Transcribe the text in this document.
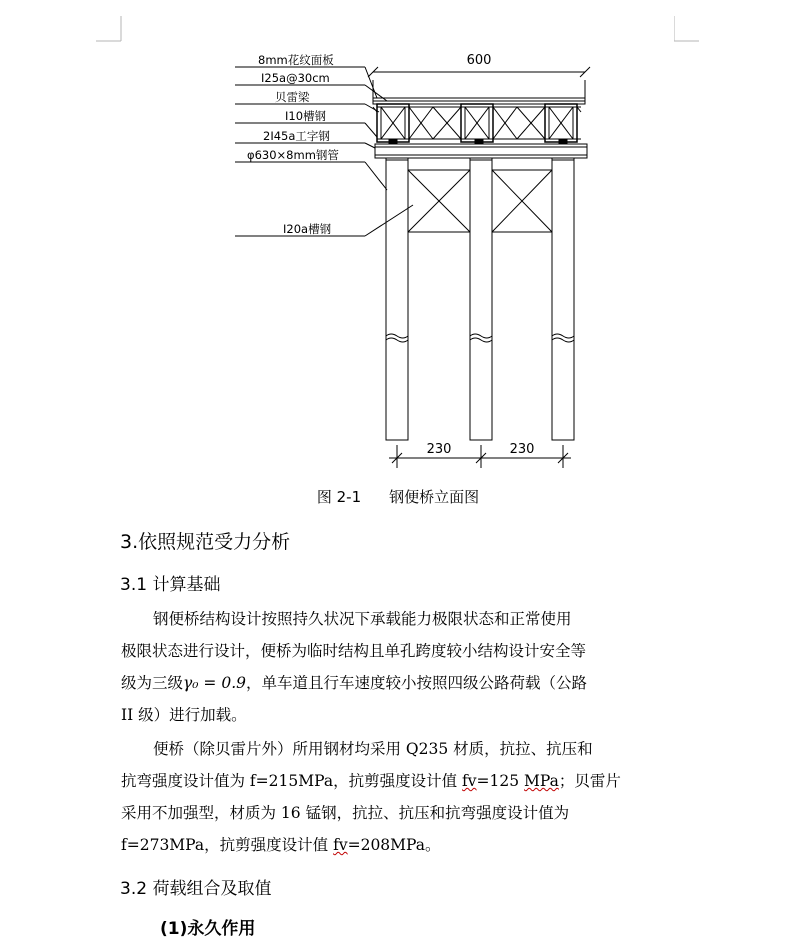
600
8mm花纹面板
I25a@30cm
贝雷梁
I10槽钢
2I45a工字钢
φ630×8mm钢管
I20a槽钢
230	230
图 2-1 钢便桥立面图
3.依照规范受力分析
3.1 计算基础
钢便桥结构设计按照持久状况下承载能力极限状态和正常使用
极限状态进行设计，便桥为临时结构且单孔跨度较小结构设计安全等
级为三级γ₀ = 0.9，单车道且行车速度较小按照四级公路荷载（公路
II 级）进行加载。
便桥（除贝雷片外）所用钢材均采用 Q235 材质，抗拉、抗压和
抗弯强度设计值为 f=215MPa，抗剪强度设计值 fv=125 MPa；贝雷片
采用不加强型，材质为 16 锰钢，抗拉、抗压和抗弯强度设计值为
f=273MPa，抗剪强度设计值 fv=208MPa。
3.2 荷载组合及取值
(1)永久作用
